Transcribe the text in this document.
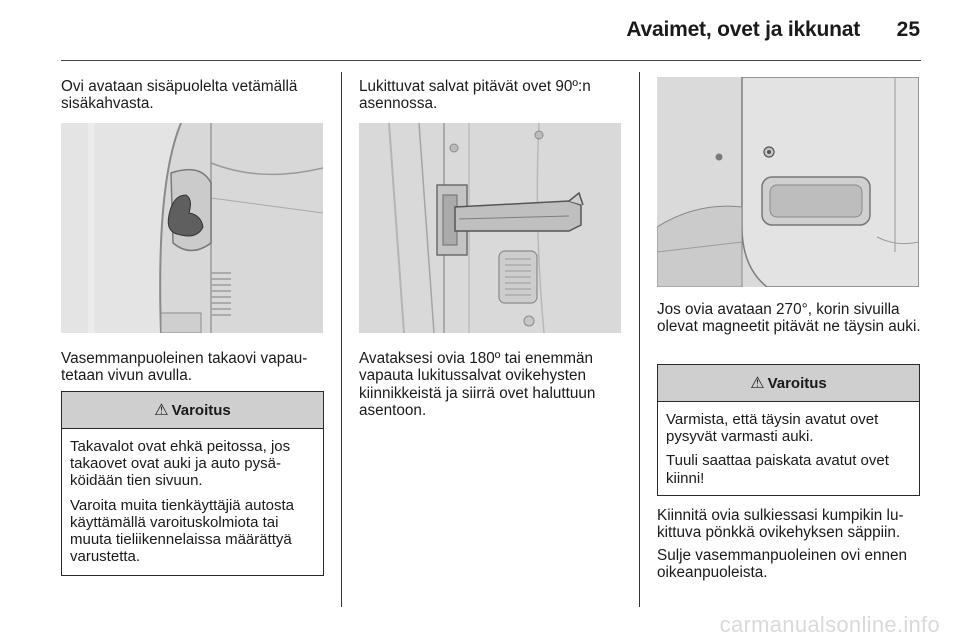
Avaimet, ovet ja ikkunat	25

Ovi avataan sisäpuolelta vetämällä sisäkahvasta.

Vasemmanpuoleinen takaovi vapau-tetaan vivun avulla.

⚠ Varoitus

Takavalot ovat ehkä peitossa, jos takaovet ovat auki ja auto pysä-köidään tien sivuun.

Varoita muita tienkäyttäjiä autosta käyttämällä varoituskolmiota tai muuta tieliikennelaissa määrättyä varustetta.

Lukittuvat salvat pitävät ovet 90º:n asennossa.

Avataksesi ovia 180º tai enemmän vapauta lukitussalvat ovikehysten kiinnikkeistä ja siirrä ovet haluttuun asentoon.

Jos ovia avataan 270°, korin sivuilla olevat magneetit pitävät ne täysin auki.

⚠ Varoitus

Varmista, että täysin avatut ovet pysyvät varmasti auki.

Tuuli saattaa paiskata avatut ovet kiinni!

Kiinnitä ovia sulkiessasi kumpikin lu-kittuva pönkkä ovikehyksen säppiin.

Sulje vasemmanpuoleinen ovi ennen oikeanpuoleista.

carmanualsonline.info
